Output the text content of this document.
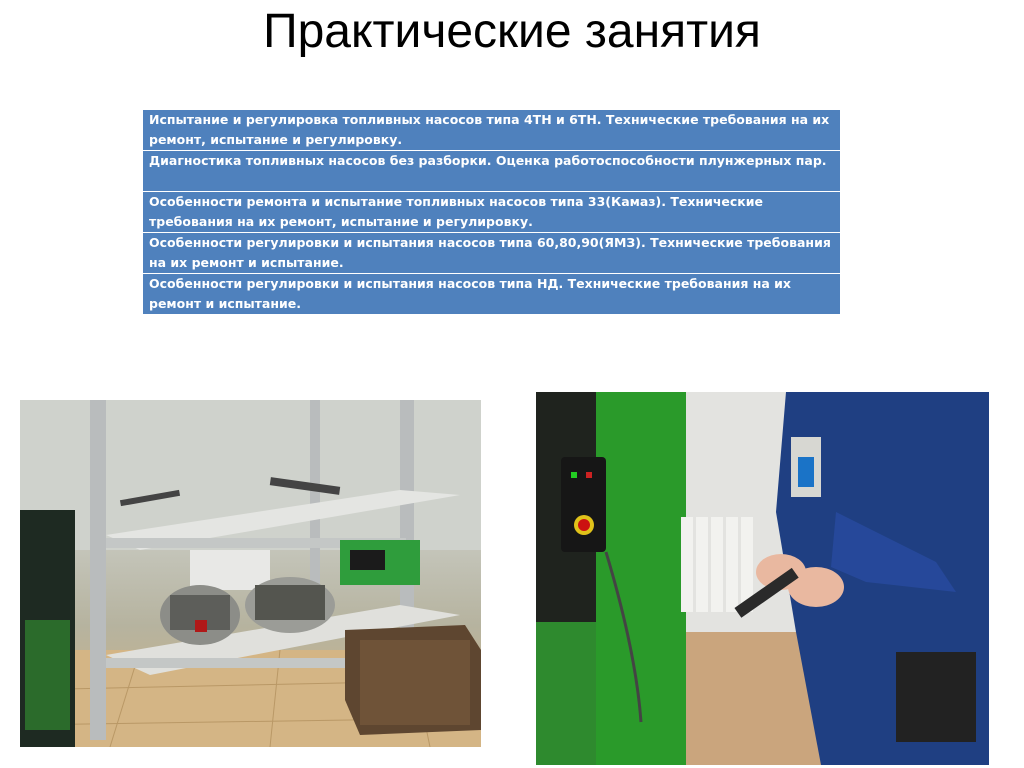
Практические занятия
Испытание и регулировка топливных насосов типа 4ТН и 6ТН. Технические требования на их ремонт, испытание и регулировку.
Диагностика топливных насосов без разборки. Оценка работоспособности плунжерных пар.
Особенности ремонта и испытание топливных насосов типа 33(Камаз). Технические требования на их ремонт, испытание и регулировку.
Особенности регулировки и испытания насосов типа 60,80,90(ЯМЗ). Технические требования на их ремонт и испытание.
Особенности регулировки и испытания насосов типа НД. Технические требования на их ремонт и испытание.
